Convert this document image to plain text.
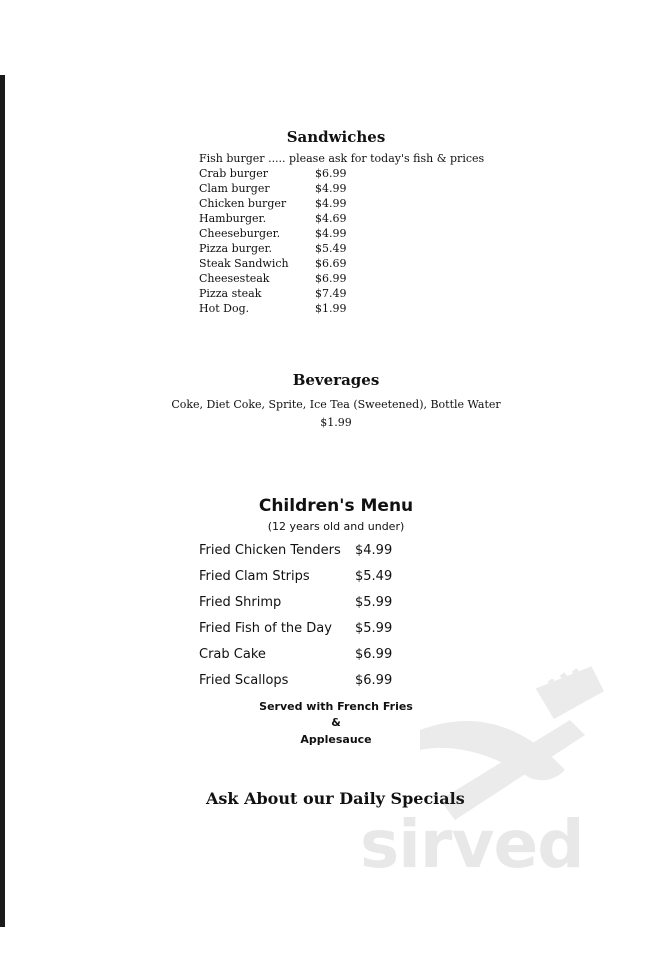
Sandwiches
Fish burger ..... please ask for today's fish & prices
Crab burger	$6.99
Clam burger	$4.99
Chicken burger	$4.99
Hamburger.	$4.69
Cheeseburger.	$4.99
Pizza burger.	$5.49
Steak Sandwich $6.69
Cheesesteak	$6.99
Pizza steak	$7.49
Hot Dog.	$1.99
Beverages
Coke, Diet Coke, Sprite, Ice Tea (Sweetened), Bottle Water
$1.99
Children's Menu
(12 years old and under)
Fried Chicken Tenders $4.99
Fried Clam Strips	$5.49
Fried Shrimp	$5.99
Fried Fish of the Day $5.99
Crab Cake	$6.99
Fried Scallops	$6.99
Served with French Fries
&
Applesauce
Ask About our Daily Specials
sirved
